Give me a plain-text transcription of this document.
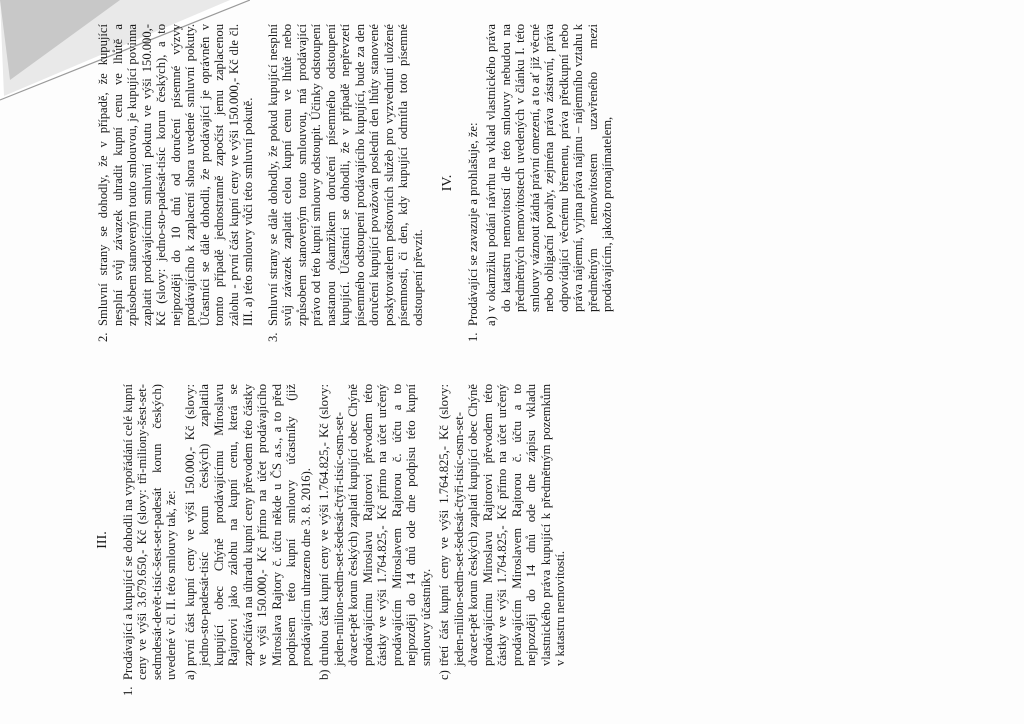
III.
1.

Prodávající a kupující se dohodli na vypořádání celé kupní ceny ve výši 3.679.650,- Kč (slovy: tři-miliony-šest-set-sedmdesát-devět-tisíc-šest-set-padesát korun českých) uvedené v čl. II. této smlouvy tak, že: a)

první část kupní ceny ve výši 150.000,- Kč (slovy: jedno-sto-padesát-tisíc korun českých) zaplatila kupující obec Chýně prodávajícímu Miroslavu Rajtorovi jako zálohu na kupní cenu, která se započítává na úhradu kupní ceny převodem této částky ve výši 150.000,- Kč přímo na účet prodávajícího Miroslava Rajtory č. účtu někde u ČS a.s., a to před podpisem této kupní smlouvy účastníky (již prodávajícím uhrazeno dne 3. 8. 2016).

b)

druhou část kupní ceny ve výši 1.764.825,- Kč (slovy: jeden-milion-sedm-set-šedesát-čtyři-tisíc-osm-set-dvacet-pět korun českých) zaplatí kupující obec Chýně prodávajícímu Miroslavu Rajtorovi převodem této částky ve výši 1.764.825,- Kč přímo na účet určený prodávajícím Miroslavem Rajtorou č. účtu a to nejpozději do 14 dnů ode dne podpisu této kupní smlouvy účastníky.

c)

třetí část kupní ceny ve výši 1.764.825,- Kč (slovy: jeden-milion-sedm-set-šedesát-čtyři-tisíc-osm-set-dvacet-pět korun českých) zaplatí kupující obec Chýně prodávajícímu Miroslavu Rajtorovi převodem této částky ve výši 1.764.825,- Kč přímo na účet určený prodávajícím Miroslavem Rajtorou č. účtu a to nejpozději do 14 dnů ode dne zápisu vkladu vlastnického práva kupující k předmětným pozemkům v katastru nemovitostí.

2.

Smluvní strany se dohodly, že v případě, že kupující nesplní svůj závazek uhradit kupní cenu ve lhůtě a způsobem stanoveným touto smlouvou, je kupující povinna zaplatit prodávajícímu smluvní pokutu ve výši 150.000,- Kč (slovy: jedno-sto-padesát-tisíc korun českých), a to nejpozději do 10 dnů od doručení písemné výzvy prodávajícího k zaplacení shora uvedené smluvní pokuty. Účastníci se dále dohodli, že prodávající je oprávněn v tomto případě jednostranně započíst jemu zaplacenou zálohu - první část kupní ceny ve výši 150.000,- Kč dle čl. III. a) této smlouvy vůči této smluvní pokutě.

3.

Smluvní strany se dále dohodly, že pokud kupující nesplní svůj závazek zaplatit celou kupní cenu ve lhůtě nebo způsobem stanoveným touto smlouvou, má prodávající právo od této kupní smlouvy odstoupit. Účinky odstoupení nastanou okamžikem doručení písemného odstoupení kupující. Účastníci se dohodli, že v případě nepřevzetí písemného odstoupení prodávajícího kupující, bude za den doručení kupující považován poslední den lhůty stanovené poskytovatelem poštovních služeb pro vyzvednutí uložené písemnosti, či den, kdy kupující odmítla toto písemné odstoupení převzít.

IV.
1.

Prodávající se zavazuje a prohlašuje, že: a)

v okamžiku podání návrhu na vklad vlastnického práva do katastru nemovitostí dle této smlouvy nebudou na předmětných nemovitostech uvedených v článku I. této smlouvy váznout žádná právní omezení, a to ať již věcné nebo obligační povahy, zejména práva zástavní, práva odpovídající věcnému břemenu, práva předkupní nebo práva nájemní, vyjma práva nájmu – nájemního vztahu k předmětným nemovitostem uzavřeného mezi prodávajícím, jakožto pronajímatelem,
